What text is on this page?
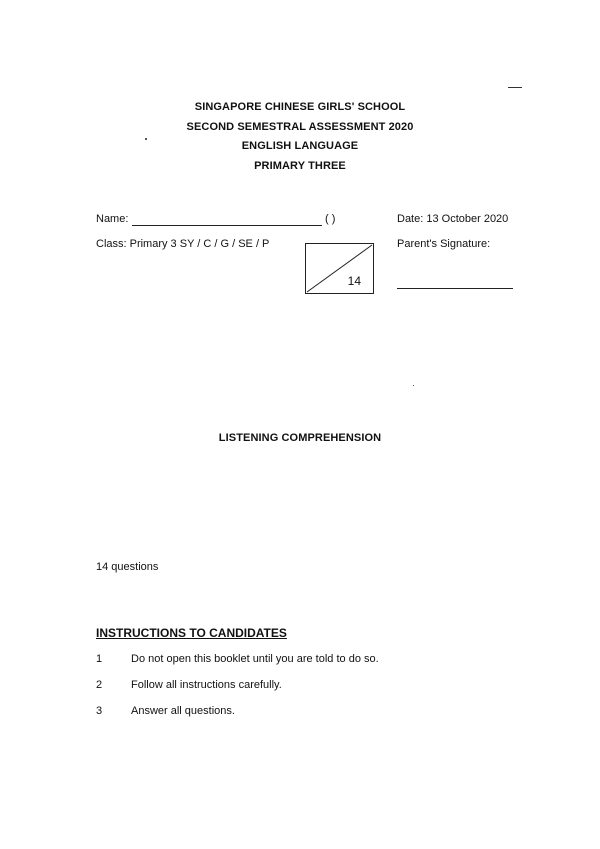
SINGAPORE CHINESE GIRLS' SCHOOL
SECOND SEMESTRAL ASSESSMENT 2020
ENGLISH LANGUAGE
PRIMARY THREE
Name:	( )	Date: 13 October 2020
Class: Primary 3 SY / C / G / SE / P	Parent's Signature:
14
LISTENING COMPREHENSION
14 questions
INSTRUCTIONS TO CANDIDATES
1	Do not open this booklet until you are told to do so.
2	Follow all instructions carefully.
3	Answer all questions.
